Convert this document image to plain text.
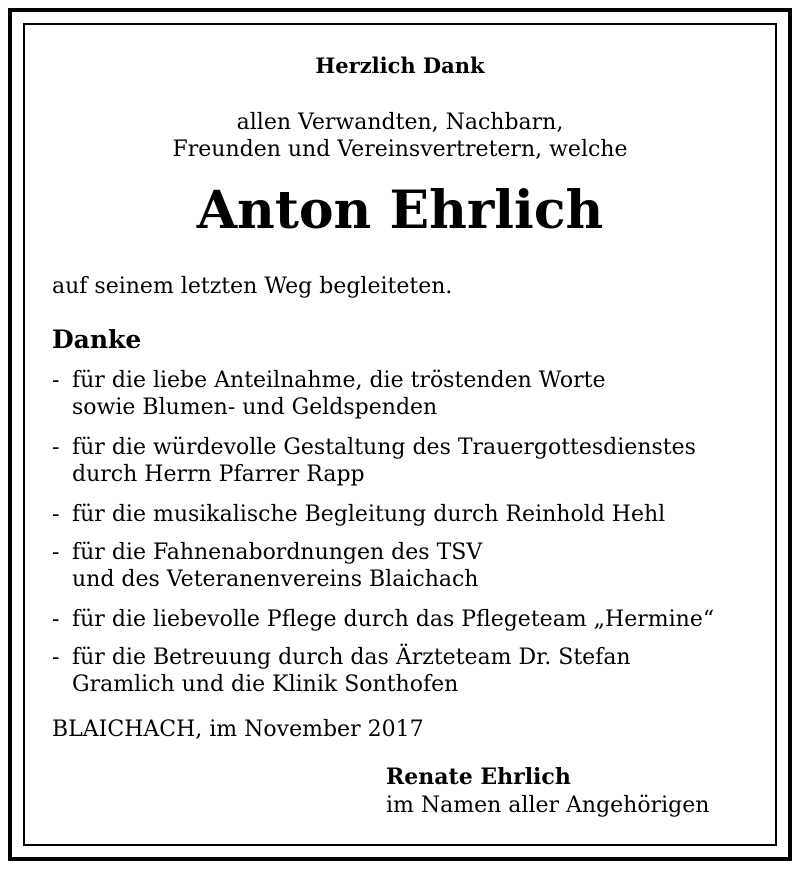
Herzlich Dank
allen Verwandten, Nachbarn,
Freunden und Vereinsvertretern, welche
Anton Ehrlich
auf seinem letzten Weg begleiteten.
Danke
- für die liebe Anteilnahme, die tröstenden Worte
sowie Blumen- und Geldspenden
- für die würdevolle Gestaltung des Trauergottesdienstes
durch Herrn Pfarrer Rapp
- für die musikalische Begleitung durch Reinhold Hehl
- für die Fahnenabordnungen des TSV
und des Veteranenvereins Blaichach
- für die liebevolle Pflege durch das Pflegeteam „Hermine“
- für die Betreuung durch das Ärzteteam Dr. Stefan
Gramlich und die Klinik Sonthofen
BLAICHACH, im November 2017
Renate Ehrlich
im Namen aller Angehörigen
